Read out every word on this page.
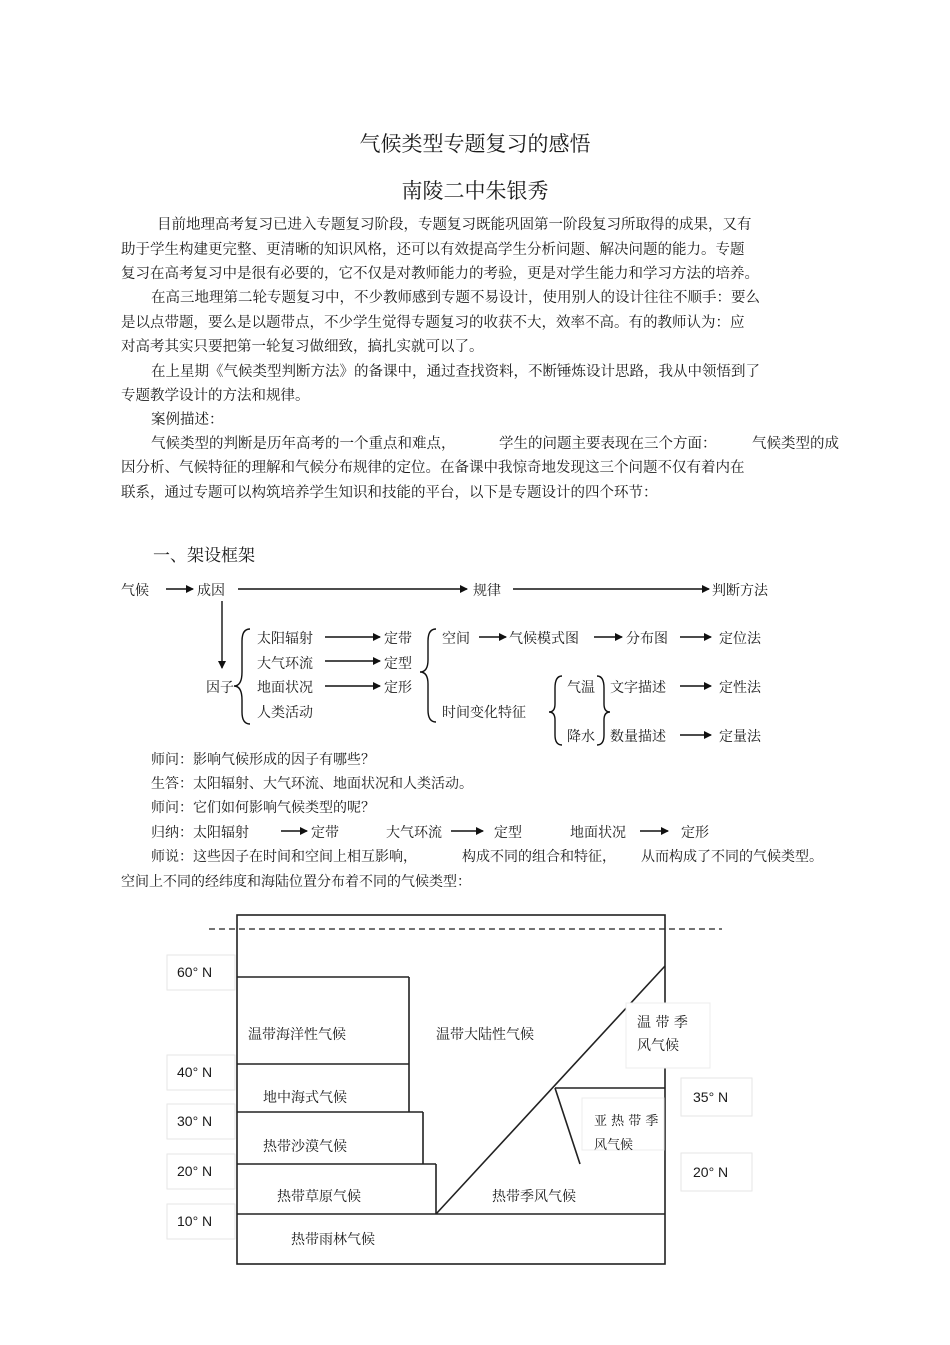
气候类型专题复习的感悟
南陵二中朱银秀
目前地理高考复习已进入专题复习阶段，专题复习既能巩固第一阶段复习所取得的成果，又有
助于学生构建更完整、更清晰的知识风格，还可以有效提高学生分析问题、解决问题的能力。专题
复习在高考复习中是很有必要的，它不仅是对教师能力的考验，更是对学生能力和学习方法的培养。
在高三地理第二轮专题复习中，不少教师感到专题不易设计，使用别人的设计往往不顺手：要么
是以点带题，要么是以题带点，不少学生觉得专题复习的收获不大，效率不高。有的教师认为：应
对高考其实只要把第一轮复习做细致，搞扎实就可以了。
在上星期《气候类型判断方法》的备课中，通过查找资料，不断锤炼设计思路，我从中领悟到了
专题教学设计的方法和规律。
案例描述：
气候类型的判断是历年高考的一个重点和难点，	学生的问题主要表现在三个方面： 气候类型的成
因分析、气候特征的理解和气候分布规律的定位。在备课中我惊奇地发现这三个问题不仅有着内在
联系，通过专题可以构筑培养学生知识和技能的平台，以下是专题设计的四个环节：
一、架设框架
气候	成因	规律	判断方法
太阳辐射
大气环流
地面状况
人类活动
因子
定带
定型
定形
空间	气候模式图	分布图	定位法
时间变化特征
气温
降水
文字描述	定性法
数量描述	定量法
师问：影响气候形成的因子有哪些？
生答：太阳辐射、大气环流、地面状况和人类活动。
师问：它们如何影响气候类型的呢？
归纳：太阳辐射	定带	大气环流	定型	地面状况	定形
师说：这些因子在时间和空间上相互影响，	构成不同的组合和特征， 从而构成了不同的气候类型。
空间上不同的经纬度和海陆位置分布着不同的气候类型：
60° N
40° N
30° N
20° N
10° N
35° N
20° N
温带海洋性气候	温带大陆性气候
温 带 季
风气候
地中海式气候
亚 热 带 季
风气候
热带沙漠气候
热带草原气候	热带季风气候
热带雨林气候
